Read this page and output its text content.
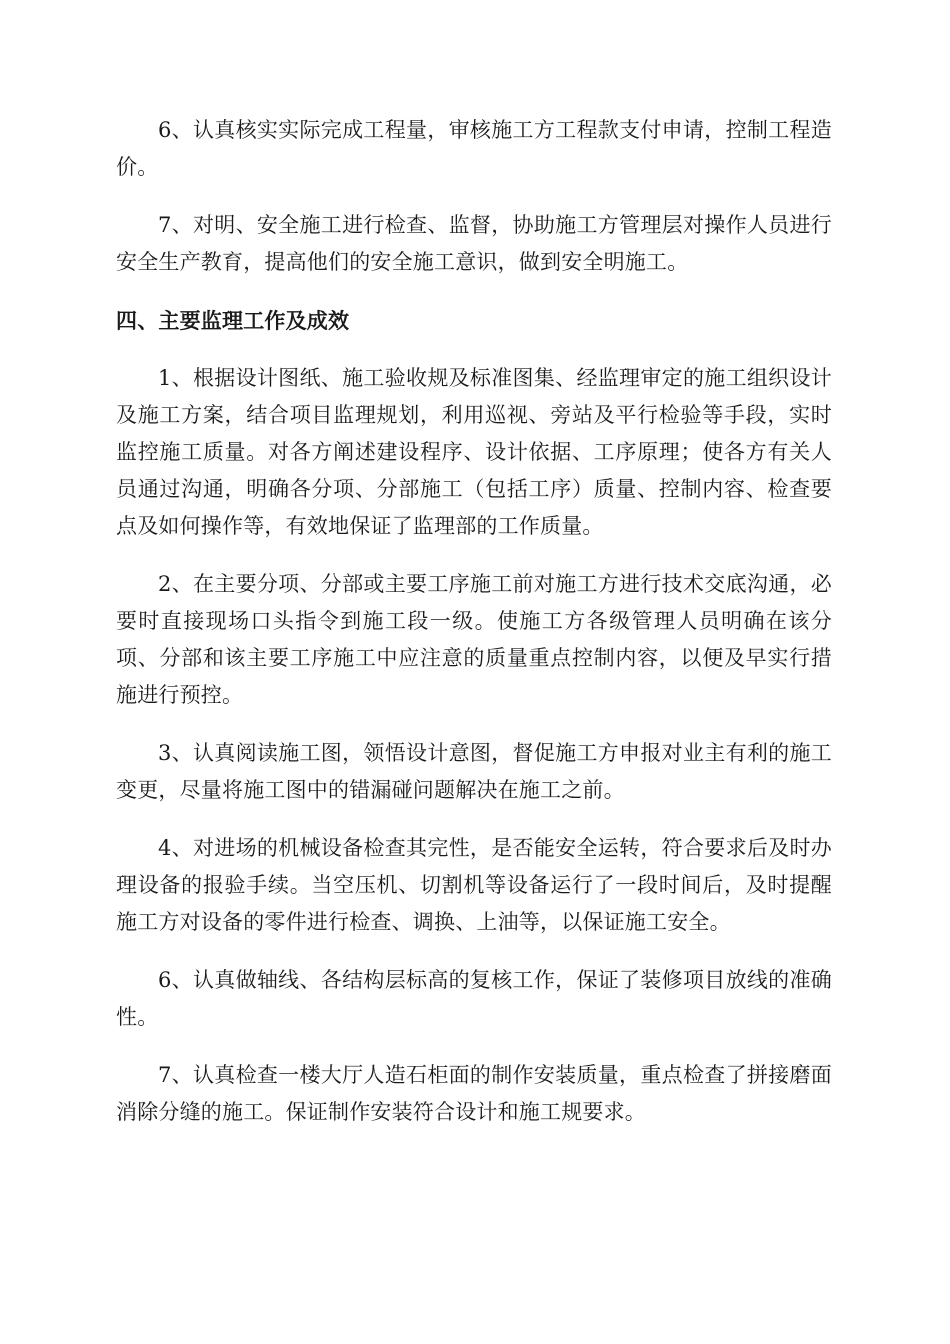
6、认真核实实际完成工程量，审核施工方工程款支付申请，控制工程造价。

7、对明、安全施工进行检查、监督，协助施工方管理层对操作人员进行安全生产教育，提高他们的安全施工意识，做到安全明施工。

四、主要监理工作及成效

1、根据设计图纸、施工验收规及标准图集、经监理审定的施工组织设计及施工方案，结合项目监理规划，利用巡视、旁站及平行检验等手段，实时监控施工质量。对各方阐述建设程序、设计依据、工序原理；使各方有关人员通过沟通，明确各分项、分部施工（包括工序）质量、控制内容、检查要点及如何操作等，有效地保证了监理部的工作质量。

2、在主要分项、分部或主要工序施工前对施工方进行技术交底沟通，必要时直接现场口头指令到施工段一级。使施工方各级管理人员明确在该分项、分部和该主要工序施工中应注意的质量重点控制内容，以便及早实行措施进行预控。

3、认真阅读施工图，领悟设计意图，督促施工方申报对业主有利的施工变更，尽量将施工图中的错漏碰问题解决在施工之前。

4、对进场的机械设备检查其完性，是否能安全运转，符合要求后及时办理设备的报验手续。当空压机、切割机等设备运行了一段时间后，及时提醒施工方对设备的零件进行检查、调换、上油等，以保证施工安全。

6、认真做轴线、各结构层标高的复核工作，保证了装修项目放线的准确性。

7、认真检查一楼大厅人造石柜面的制作安装质量，重点检查了拼接磨面消除分缝的施工。保证制作安装符合设计和施工规要求。
